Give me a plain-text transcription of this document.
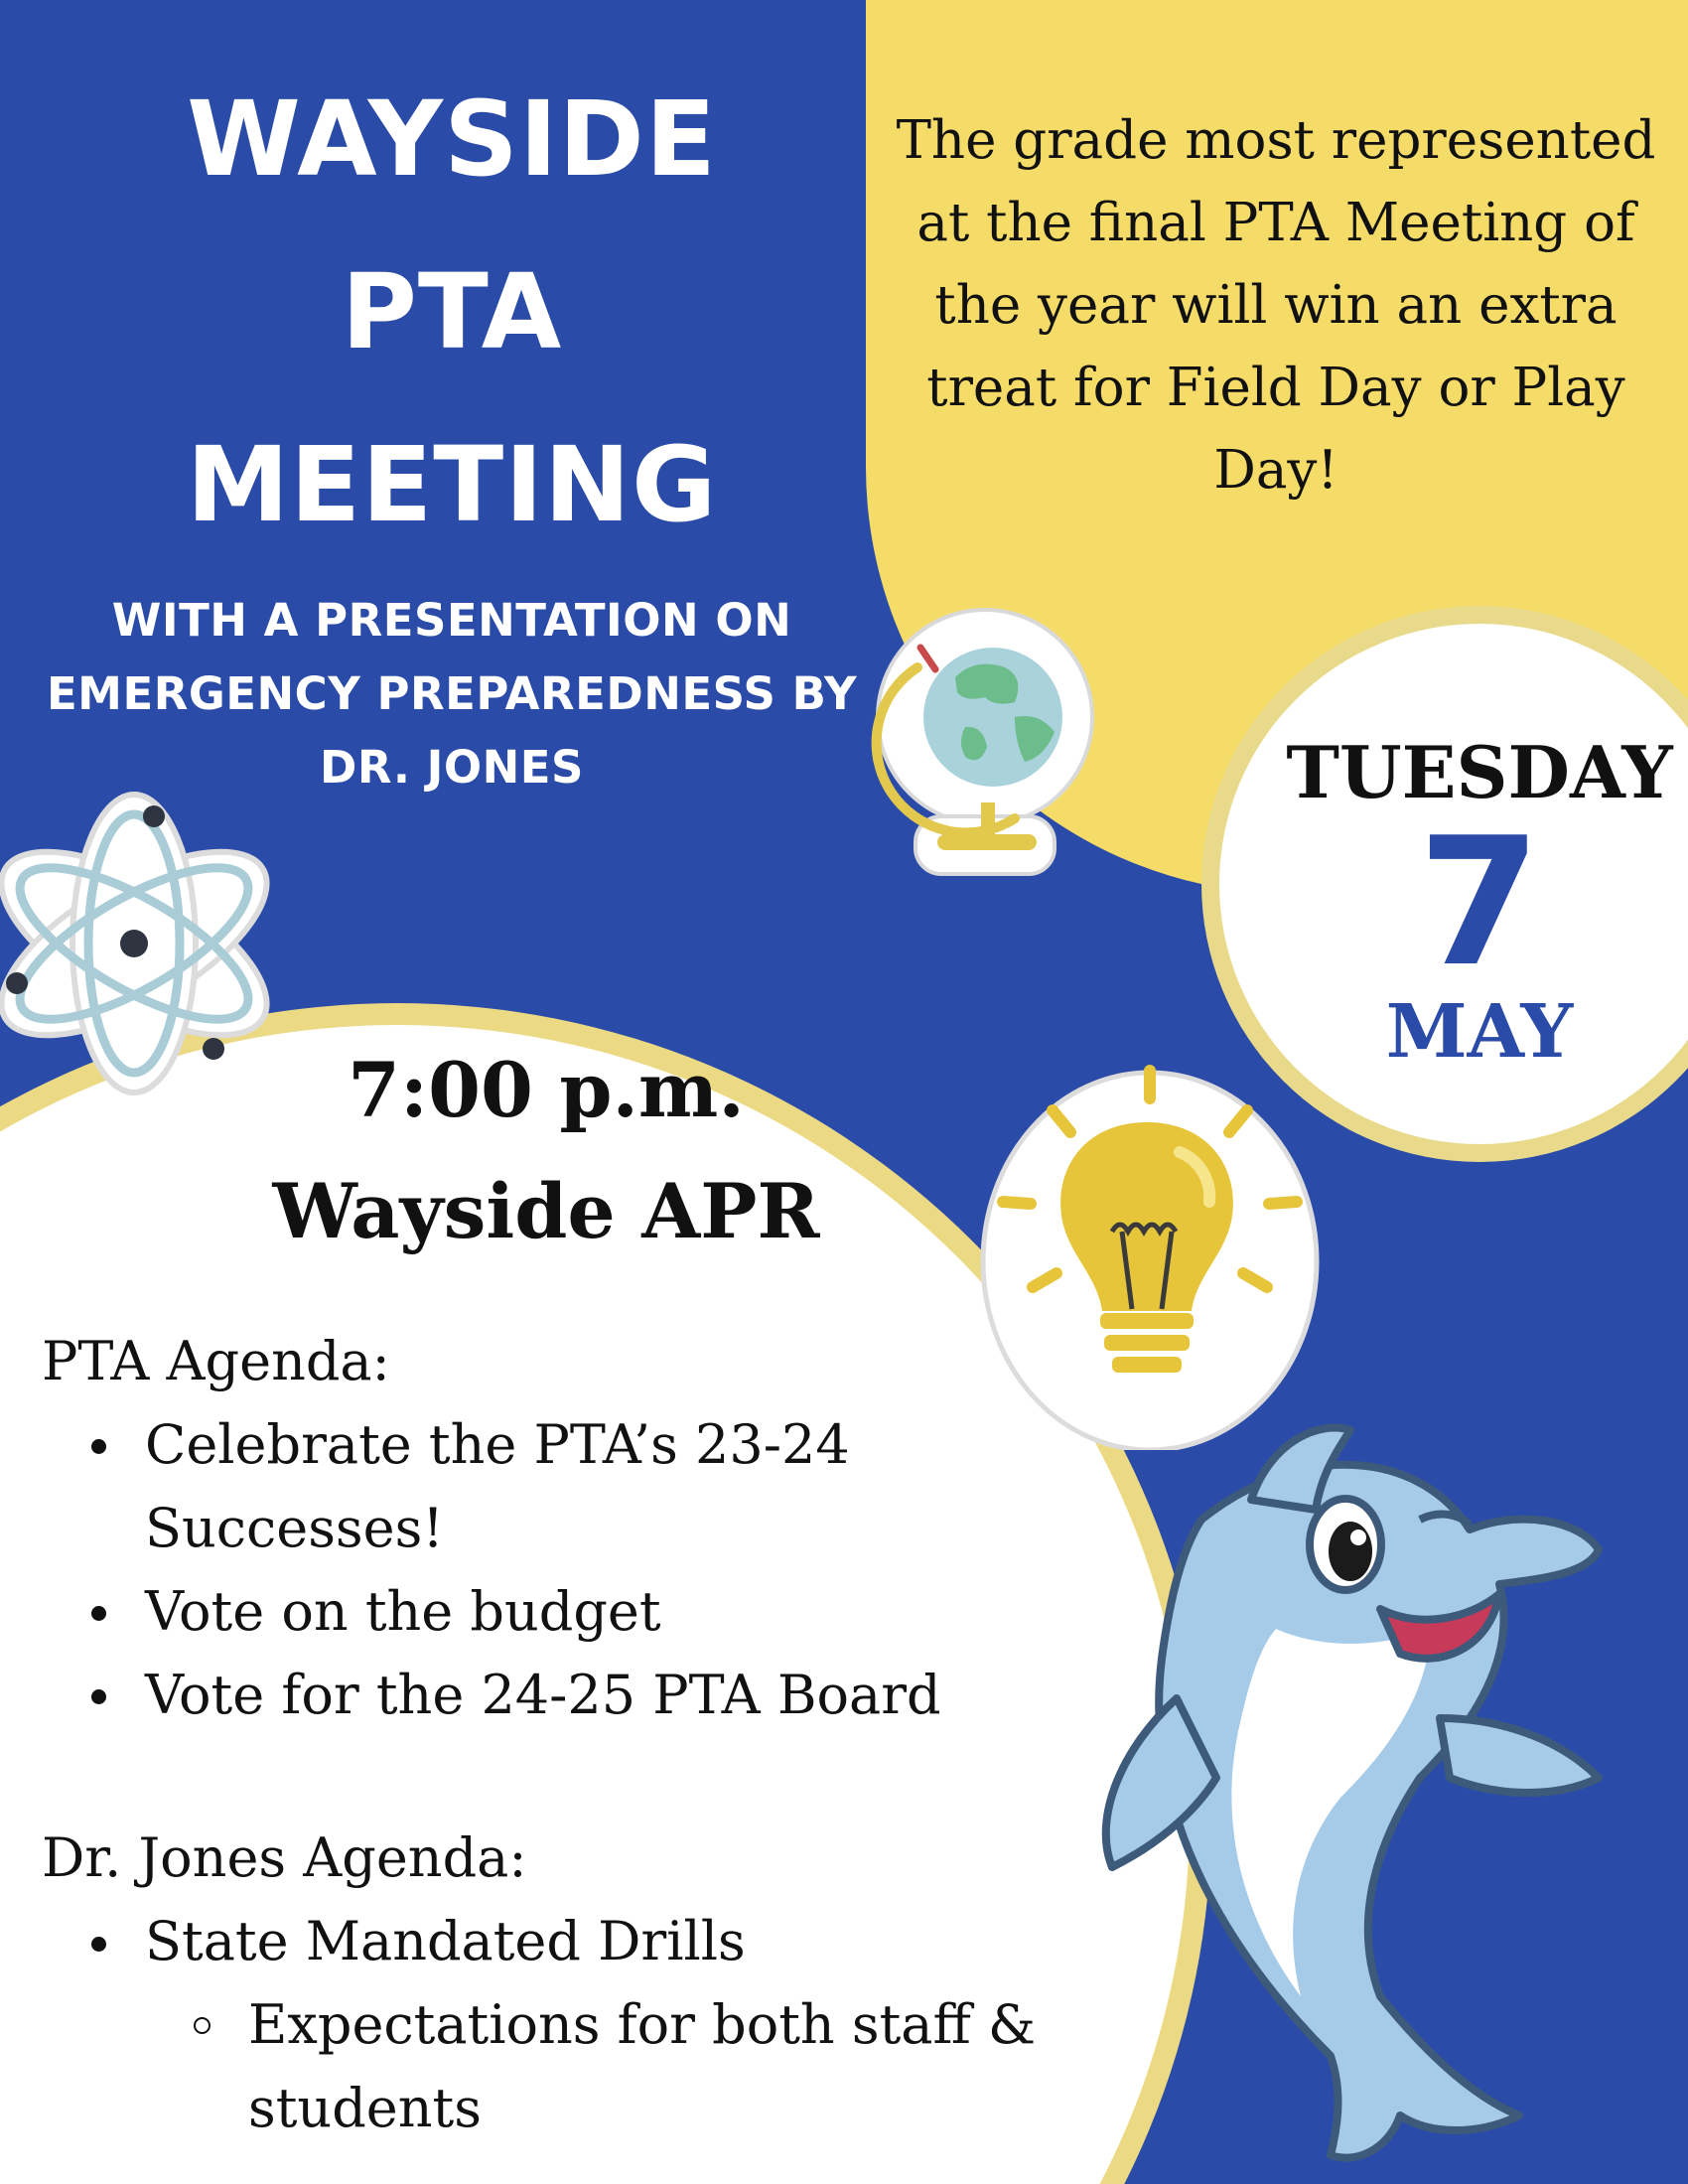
WAYSIDE
PTA
MEETING
WITH A PRESENTATION ON
EMERGENCY PREPAREDNESS BY
DR. JONES
The grade most represented
at the final PTA Meeting of
the year will win an extra
treat for Field Day or Play
Day!
TUESDAY
7
MAY
7:00 p.m.
Wayside APR
PTA Agenda:
Celebrate the PTA’s 23-24
Successes!
Vote on the budget
Vote for the 24-25 PTA Board
Dr. Jones Agenda:
State Mandated Drills
Expectations for both staff &
students
